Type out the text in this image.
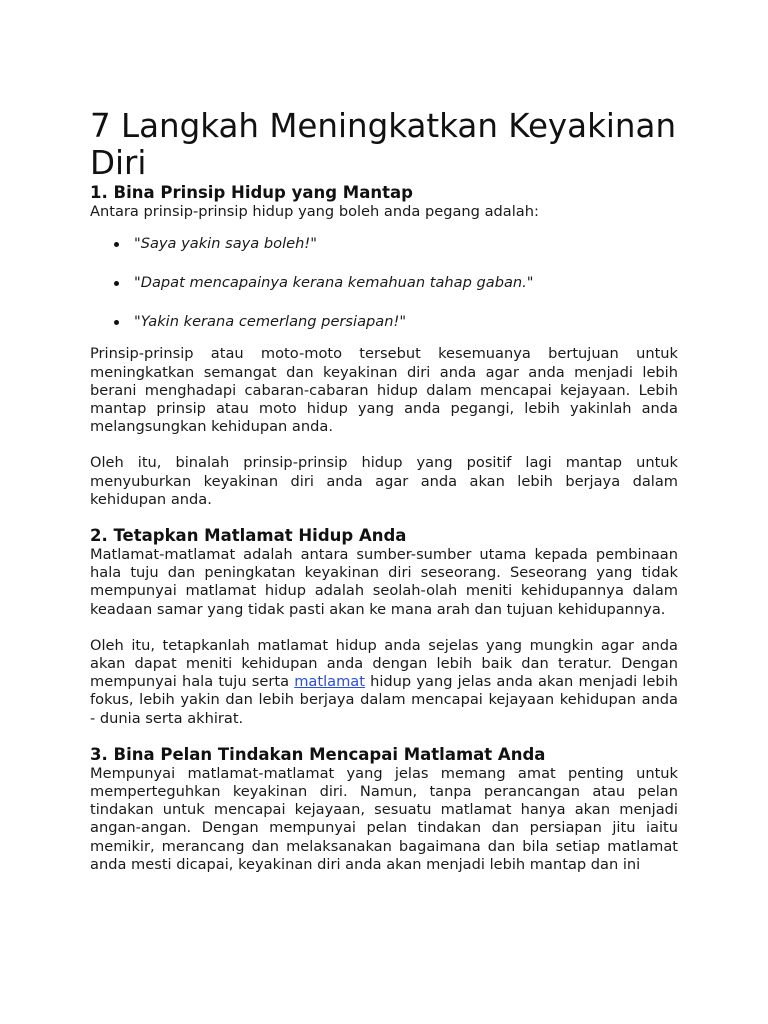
7 Langkah Meningkatkan Keyakinan Diri
1. Bina Prinsip Hidup yang Mantap

Antara prinsip-prinsip hidup yang boleh anda pegang adalah:

"Saya yakin saya boleh!"
"Dapat mencapainya kerana kemahuan tahap gaban."
"Yakin kerana cemerlang persiapan!"

Prinsip-prinsip atau moto-moto tersebut kesemuanya bertujuan untuk meningkatkan semangat dan keyakinan diri anda agar anda menjadi lebih berani menghadapi cabaran-cabaran hidup dalam mencapai kejayaan. Lebih mantap prinsip atau moto hidup yang anda pegangi, lebih yakinlah anda melangsungkan kehidupan anda.

Oleh itu, binalah prinsip-prinsip hidup yang positif lagi mantap untuk menyuburkan keyakinan diri anda agar anda akan lebih berjaya dalam kehidupan anda.

2. Tetapkan Matlamat Hidup Anda

Matlamat-matlamat adalah antara sumber-sumber utama kepada pembinaan hala tuju dan peningkatan keyakinan diri seseorang. Seseorang yang tidak mempunyai matlamat hidup adalah seolah-olah meniti kehidupannya dalam keadaan samar yang tidak pasti akan ke mana arah dan tujuan kehidupannya.

Oleh itu, tetapkanlah matlamat hidup anda sejelas yang mungkin agar anda akan dapat meniti kehidupan anda dengan lebih baik dan teratur. Dengan mempunyai hala tuju serta matlamat hidup yang jelas anda akan menjadi lebih fokus, lebih yakin dan lebih berjaya dalam mencapai kejayaan kehidupan anda - dunia serta akhirat.

3. Bina Pelan Tindakan Mencapai Matlamat Anda

Mempunyai matlamat-matlamat yang jelas memang amat penting untuk memperteguhkan keyakinan diri. Namun, tanpa perancangan atau pelan tindakan untuk mencapai kejayaan, sesuatu matlamat hanya akan menjadi angan-angan. Dengan mempunyai pelan tindakan dan persiapan jitu iaitu memikir, merancang dan melaksanakan bagaimana dan bila setiap matlamat anda mesti dicapai, keyakinan diri anda akan menjadi lebih mantap dan ini
